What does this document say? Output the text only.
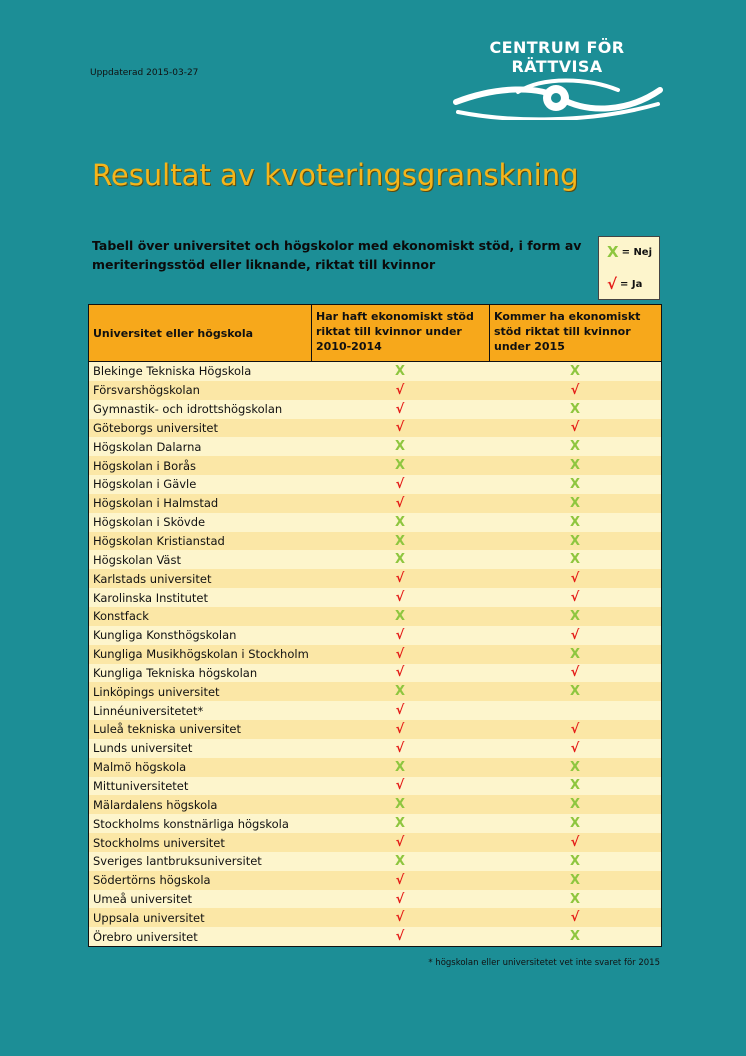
Uppdaterad 2015-03-27
CENTRUM FÖR RÄTTVISA
Resultat av kvoteringsgranskning
Tabell över universitet och högskolor med ekonomiskt stöd, i form av meriteringsstöd eller liknande, riktat till kvinnor
X = Nej
√ = Ja
Universitet eller högskola
Har haft ekonomiskt stöd riktat till kvinnor under 2010-2014
Kommer ha ekonomiskt stöd riktat till kvinnor under 2015
Blekinge Tekniska Högskola	X	X
Försvarshögskolan	√	√
Gymnastik- och idrottshögskolan	√	X
Göteborgs universitet	√	√
Högskolan Dalarna	X	X
Högskolan i Borås	X	X
Högskolan i Gävle	√	X
Högskolan i Halmstad	√	X
Högskolan i Skövde	X	X
Högskolan Kristianstad	X	X
Högskolan Väst	X	X
Karlstads universitet	√	√
Karolinska Institutet	√	√
Konstfack	X	X
Kungliga Konsthögskolan	√	√
Kungliga Musikhögskolan i Stockholm	√	X
Kungliga Tekniska högskolan	√	√
Linköpings universitet	X	X
Linnéuniversitetet*	√
Luleå tekniska universitet	√	√
Lunds universitet	√	√
Malmö högskola	X	X
Mittuniversitetet	√	X
Mälardalens högskola	X	X
Stockholms konstnärliga högskola	X	X
Stockholms universitet	√	√
Sveriges lantbruksuniversitet	X	X
Södertörns högskola	√	X
Umeå universitet	√	X
Uppsala universitet	√	√
Örebro universitet	√	X
* högskolan eller universitetet vet inte svaret för 2015
